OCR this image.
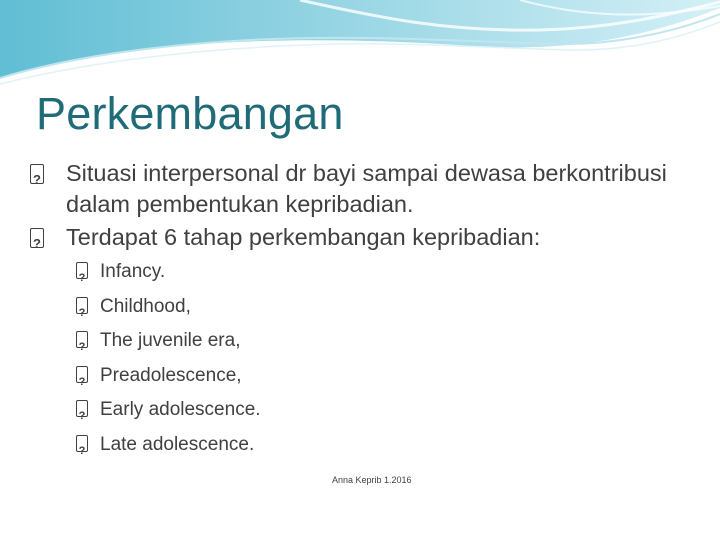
Perkembangan
?
Situasi interpersonal dr bayi sampai dewasa berkontribusi dalam pembentukan kepribadian.
?
Terdapat 6 tahap perkembangan kepribadian:
?
Infancy.
?
Childhood,
?
The juvenile era,
?
Preadolescence,
?
Early adolescence.
?
Late adolescence.
Anna Keprib 1.2016
